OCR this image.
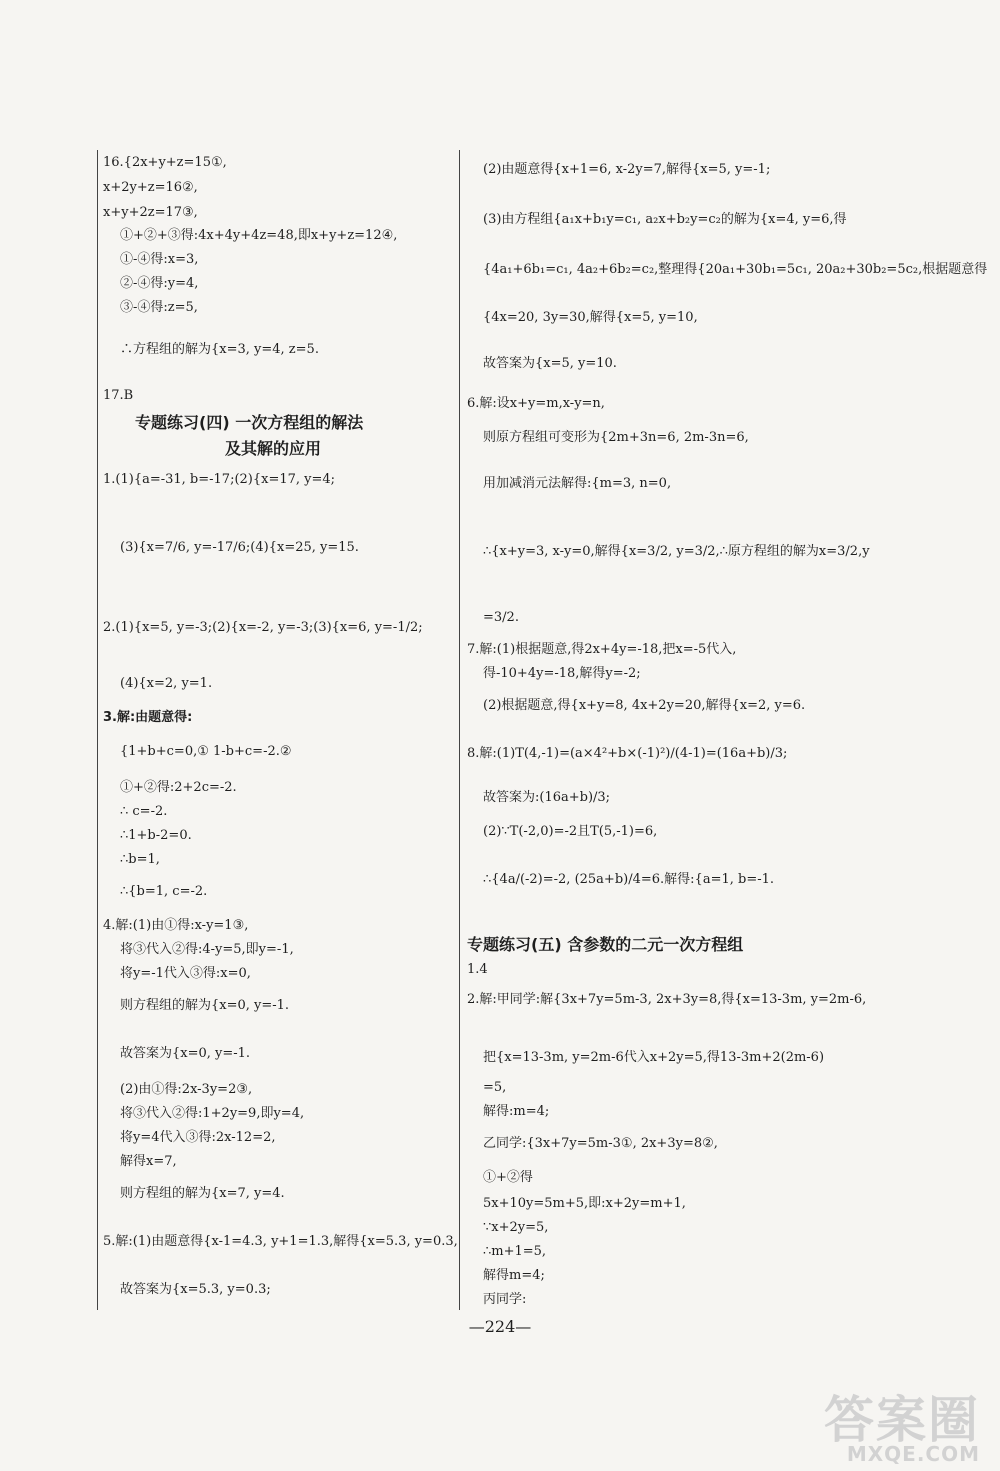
16.{2x+y+z=15①,
x+2y+z=16②,
x+y+2z=17③,
①+②+③得:4x+4y+4z=48,即x+y+z=12④,
①-④得:x=3,
②-④得:y=4,
③-④得:z=5,
∴方程组的解为{x=3, y=4, z=5.
17.B
专题练习(四) 一次方程组的解法
及其解的应用
1.(1){a=-31, b=-17;(2){x=17, y=4;
(3){x=7/6, y=-17/6;(4){x=25, y=15.
2.(1){x=5, y=-3;(2){x=-2, y=-3;(3){x=6, y=-1/2;
(4){x=2, y=1.
3.解:由题意得:
{1+b+c=0,① 1-b+c=-2.②
①+②得:2+2c=-2.
∴ c=-2.
∴1+b-2=0.
∴b=1,
∴{b=1, c=-2.
4.解:(1)由①得:x-y=1③,
将③代入②得:4-y=5,即y=-1,
将y=-1代入③得:x=0,
则方程组的解为{x=0, y=-1.
故答案为{x=0, y=-1.
(2)由①得:2x-3y=2③,
将③代入②得:1+2y=9,即y=4,
将y=4代入③得:2x-12=2,
解得x=7,
则方程组的解为{x=7, y=4.
5.解:(1)由题意得{x-1=4.3, y+1=1.3,解得{x=5.3, y=0.3,
故答案为{x=5.3, y=0.3;
(2)由题意得{x+1=6, x-2y=7,解得{x=5, y=-1;
(3)由方程组{a₁x+b₁y=c₁, a₂x+b₂y=c₂的解为{x=4, y=6,得
{4a₁+6b₁=c₁, 4a₂+6b₂=c₂,整理得{20a₁+30b₁=5c₁, 20a₂+30b₂=5c₂,根据题意得
{4x=20, 3y=30,解得{x=5, y=10,
故答案为{x=5, y=10.
6.解:设x+y=m,x-y=n,
则原方程组可变形为{2m+3n=6, 2m-3n=6,
用加减消元法解得:{m=3, n=0,
∴{x+y=3, x-y=0,解得{x=3/2, y=3/2,∴原方程组的解为x=3/2,y
=3/2.
7.解:(1)根据题意,得2x+4y=-18,把x=-5代入,
得-10+4y=-18,解得y=-2;
(2)根据题意,得{x+y=8, 4x+2y=20,解得{x=2, y=6.
8.解:(1)T(4,-1)=(a×4²+b×(-1)²)/(4-1)=(16a+b)/3;
故答案为:(16a+b)/3;
(2)∵T(-2,0)=-2且T(5,-1)=6,
∴{4a/(-2)=-2, (25a+b)/4=6.解得:{a=1, b=-1.
专题练习(五) 含参数的二元一次方程组
1.4
2.解:甲同学:解{3x+7y=5m-3, 2x+3y=8,得{x=13-3m, y=2m-6,
把{x=13-3m, y=2m-6代入x+2y=5,得13-3m+2(2m-6)
=5,
解得:m=4;
乙同学:{3x+7y=5m-3①, 2x+3y=8②,
①+②得
5x+10y=5m+5,即:x+2y=m+1,
∵x+2y=5,
∴m+1=5,
解得m=4;
丙同学:
—224—
答案圈
MXQE.COM
